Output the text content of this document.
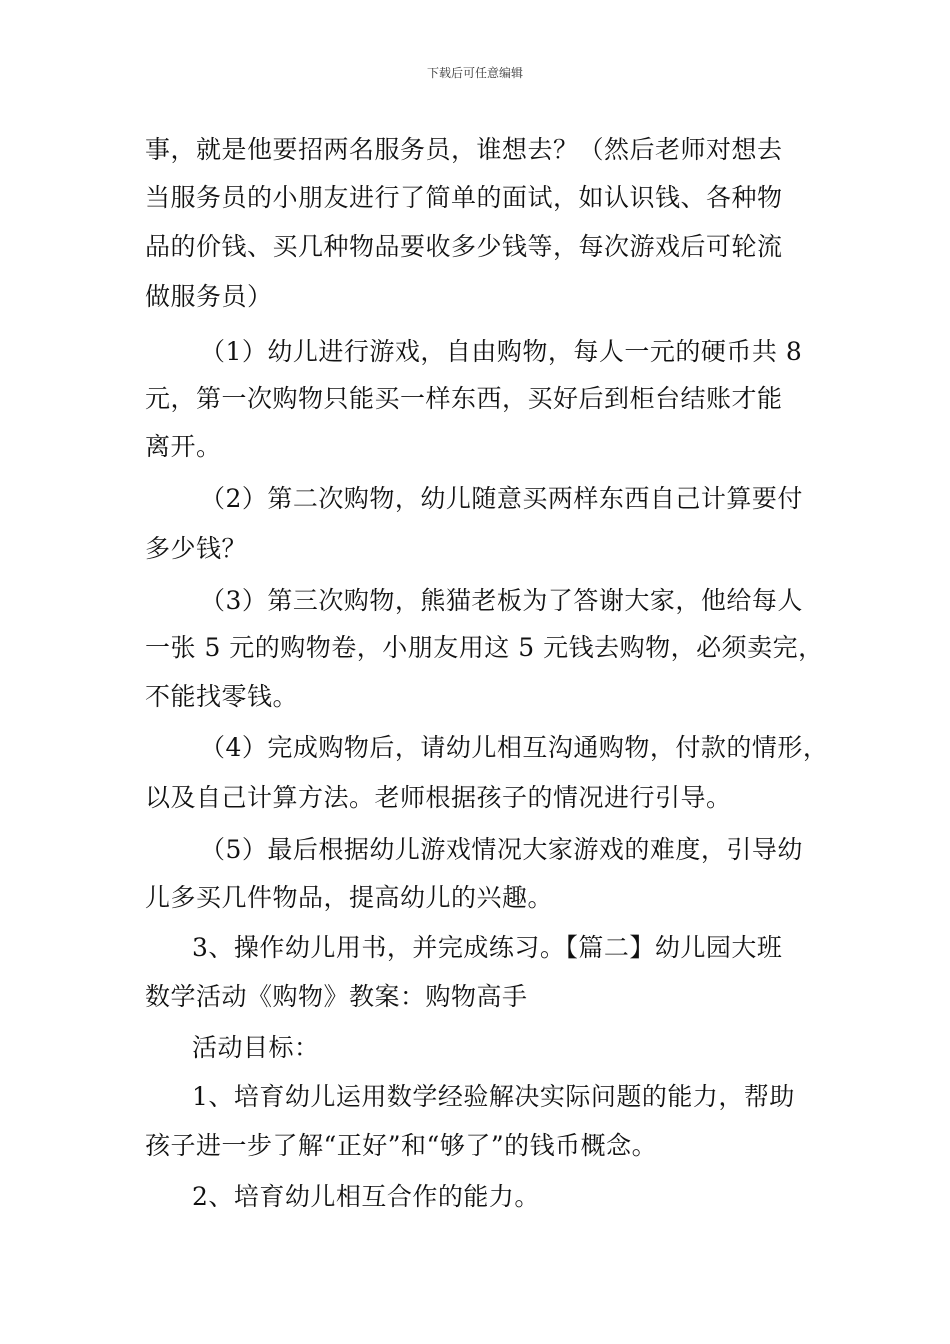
下载后可任意编辑
事，就是他要招两名服务员，谁想去？（然后老师对想去
当服务员的小朋友进行了简单的面试，如认识钱、各种物
品的价钱、买几种物品要收多少钱等，每次游戏后可轮流
做服务员）
（1）幼儿进行游戏，自由购物，每人一元的硬币共 8
元，第一次购物只能买一样东西，买好后到柜台结账才能
离开。
（2）第二次购物，幼儿随意买两样东西自己计算要付
多少钱？
（3）第三次购物，熊猫老板为了答谢大家，他给每人
一张 5 元的购物卷，小朋友用这 5 元钱去购物，必须卖完，
不能找零钱。
（4）完成购物后，请幼儿相互沟通购物，付款的情形，
以及自己计算方法。老师根据孩子的情况进行引导。
（5）最后根据幼儿游戏情况大家游戏的难度，引导幼
儿多买几件物品，提高幼儿的兴趣。
3、操作幼儿用书，并完成练习。【篇二】幼儿园大班
数学活动《购物》教案：购物高手
活动目标：
1、培育幼儿运用数学经验解决实际问题的能力，帮助
孩子进一步了解“正好”和“够了”的钱币概念。
2、培育幼儿相互合作的能力。
